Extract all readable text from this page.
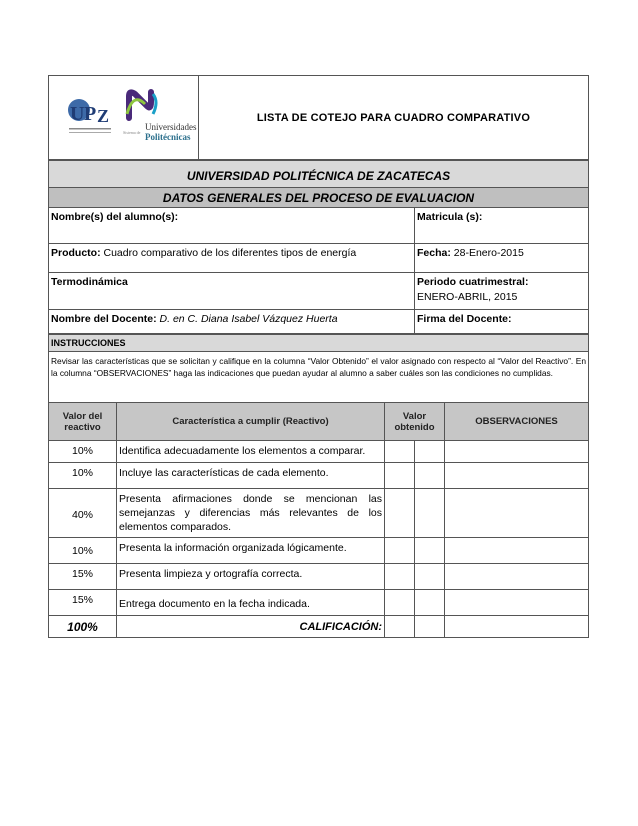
U P Z
Sistema de
Universidades
Politécnicas
	LISTA DE COTEJO PARA CUADRO COMPARATIVO
UNIVERSIDAD POLITÉCNICA DE ZACATECAS	
DATOS GENERALES DEL PROCESO DE EVALUACION	
Nombre(s) del alumno(s):	Matricula (s):
Producto: Cuadro comparativo de los diferentes tipos de energía	Fecha: 28-Enero-2015
Termodinámica	Periodo cuatrimestral:
ENERO-ABRIL, 2015

Nombre del Docente: D. en C. Diana Isabel Vázquez Huerta	Firma del Docente:
INSTRUCCIONES				
Revisar las características que se solicitan y califique en la columna “Valor Obtenido” el valor asignado con respecto al “Valor del Reactivo”. En la columna “OBSERVACIONES” haga las indicaciones que puedan ayudar al alumno a saber cuáles son las condiciones no cumplidas.				
Valor del reactivo	Característica a cumplir (Reactivo)	Valor obtenido		OBSERVACIONES
10%	Identifica adecuadamente los elementos a comparar.			
10%	Incluye las características de cada elemento.			
40%	Presenta afirmaciones donde se mencionan las semejanzas y diferencias más relevantes de los elementos comparados.			
10%	Presenta la información organizada lógicamente.			
15%	Presenta limpieza y ortografía correcta.			
15%	Entrega documento en la fecha indicada.			
100%	CALIFICACIÓN:			
